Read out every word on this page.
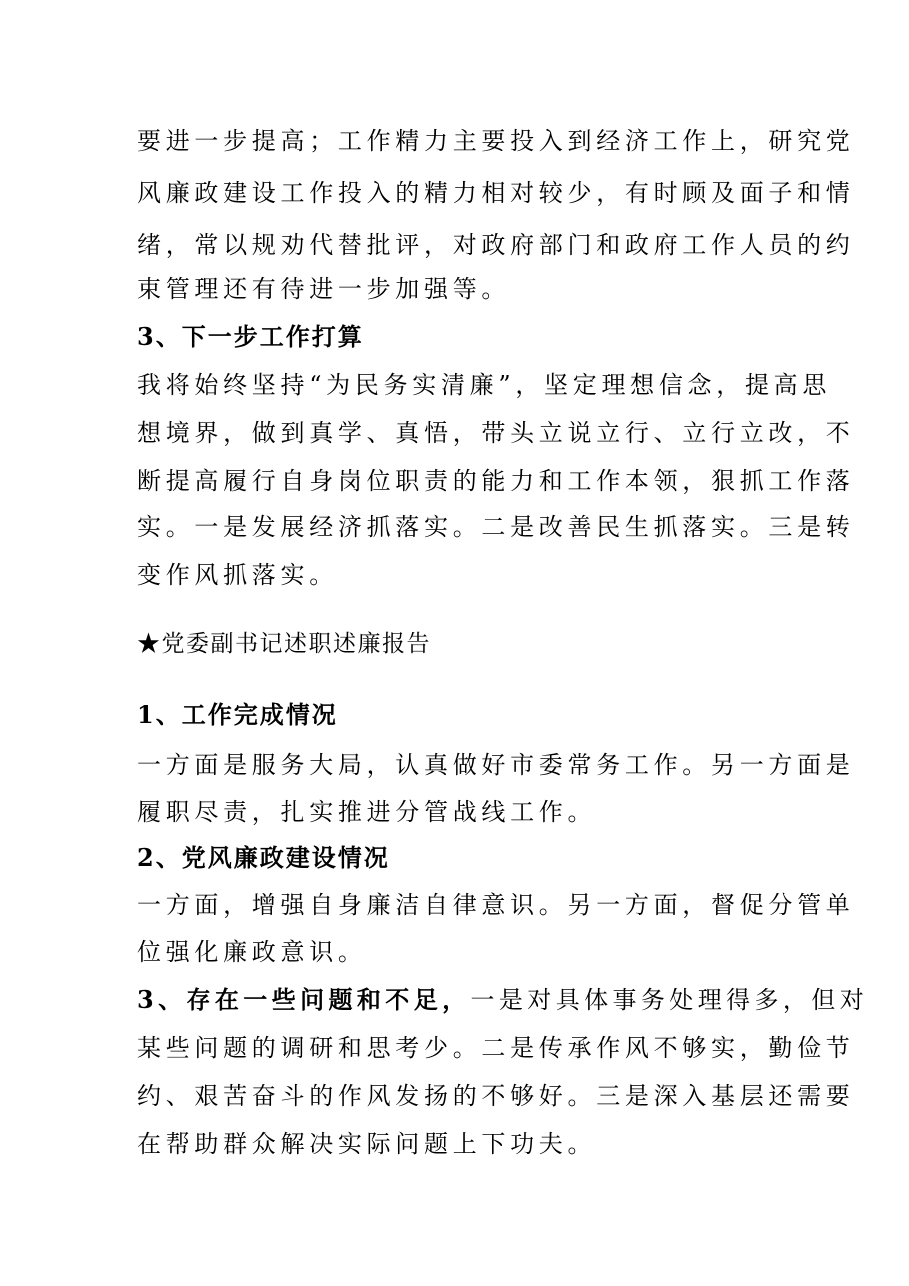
要进一步提高；工作精力主要投入到经济工作上，研究党
风廉政建设工作投入的精力相对较少，有时顾及面子和情
绪，常以规劝代替批评，对政府部门和政府工作人员的约
束管理还有待进一步加强等。
3、下一步工作打算
我将始终坚持“为民务实清廉”，坚定理想信念，提高思
想境界，做到真学、真悟，带头立说立行、立行立改，不
断提高履行自身岗位职责的能力和工作本领，狠抓工作落
实。一是发展经济抓落实。二是改善民生抓落实。三是转
变作风抓落实。
★党委副书记述职述廉报告
1、工作完成情况
一方面是服务大局，认真做好市委常务工作。另一方面是
履职尽责，扎实推进分管战线工作。
2、党风廉政建设情况
一方面，增强自身廉洁自律意识。另一方面，督促分管单
位强化廉政意识。
3、存在一些问题和不足，一是对具体事务处理得多，但对
某些问题的调研和思考少。二是传承作风不够实，勤俭节
约、艰苦奋斗的作风发扬的不够好。三是深入基层还需要
在帮助群众解决实际问题上下功夫。
